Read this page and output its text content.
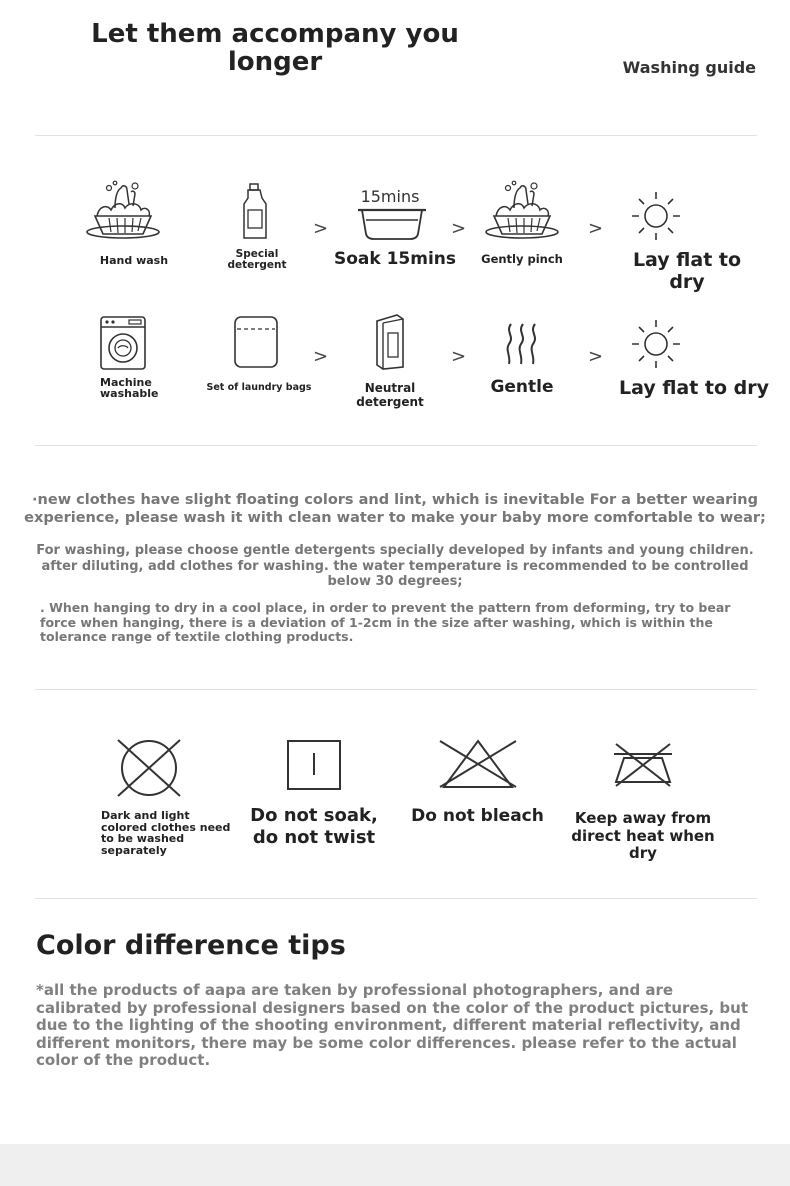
Let them accompany you longer	Washing guide
Hand wash	Special detergent
>
15mins
Soak 15mins
>
Gently pinch
>
Lay flat to dry
Machine washable	Set of laundry bags
>
Neutral detergent
>
Gentle
>
Lay flat to dry
·new clothes have slight floating colors and lint, which is inevitable For a better wearing experience, please wash it with clean water to make your baby more comfortable to wear;
For washing, please choose gentle detergents specially developed by infants and young children. after diluting, add clothes for washing. the water temperature is recommended to be controlled below 30 degrees;
. When hanging to dry in a cool place, in order to prevent the pattern from deforming, try to bear force when hanging, there is a deviation of 1-2cm in the size after washing, which is within the tolerance range of textile clothing products.
Dark and light colored clothes need to be washed separately
Do not soak, do not twist
Do not bleach	Keep away from direct heat when dry
Color difference tips
*all the products of aapa are taken by professional photographers, and are calibrated by professional designers based on the color of the product pictures, but due to the lighting of the shooting environment, different material reflectivity, and different monitors, there may be some color differences. please refer to the actual color of the product.
